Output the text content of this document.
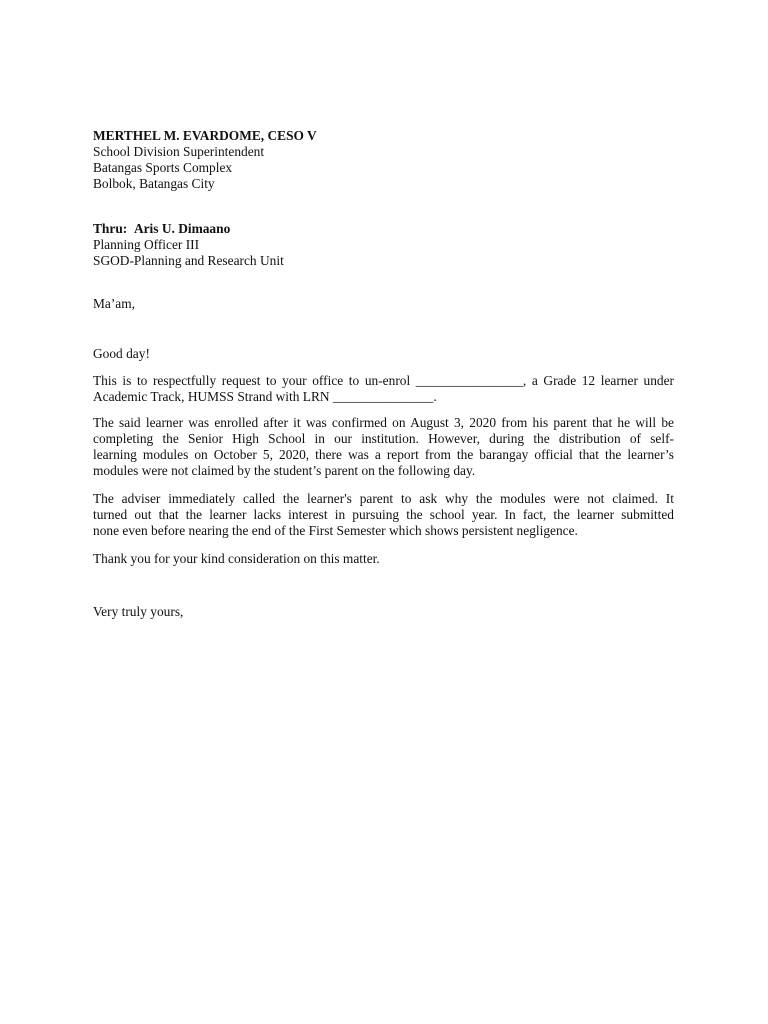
MERTHEL M. EVARDOME, CESO V
School Division Superintendent
Batangas Sports Complex
Bolbok, Batangas City
Thru: Aris U. Dimaano
Planning Officer III
SGOD-Planning and Research Unit
Ma’am,
Good day!
This is to respectfully request to your office to un-enrol ________________, a Grade 12 learner under
Academic Track, HUMSS Strand with LRN _______________.
The said learner was enrolled after it was confirmed on August 3, 2020 from his parent that he will be
completing the Senior High School in our institution. However, during the distribution of self-
learning modules on October 5, 2020, there was a report from the barangay official that the learner’s
modules were not claimed by the student’s parent on the following day.
The adviser immediately called the learner's parent to ask why the modules were not claimed. It
turned out that the learner lacks interest in pursuing the school year. In fact, the learner submitted
none even before nearing the end of the First Semester which shows persistent negligence.
Thank you for your kind consideration on this matter.
Very truly yours,
